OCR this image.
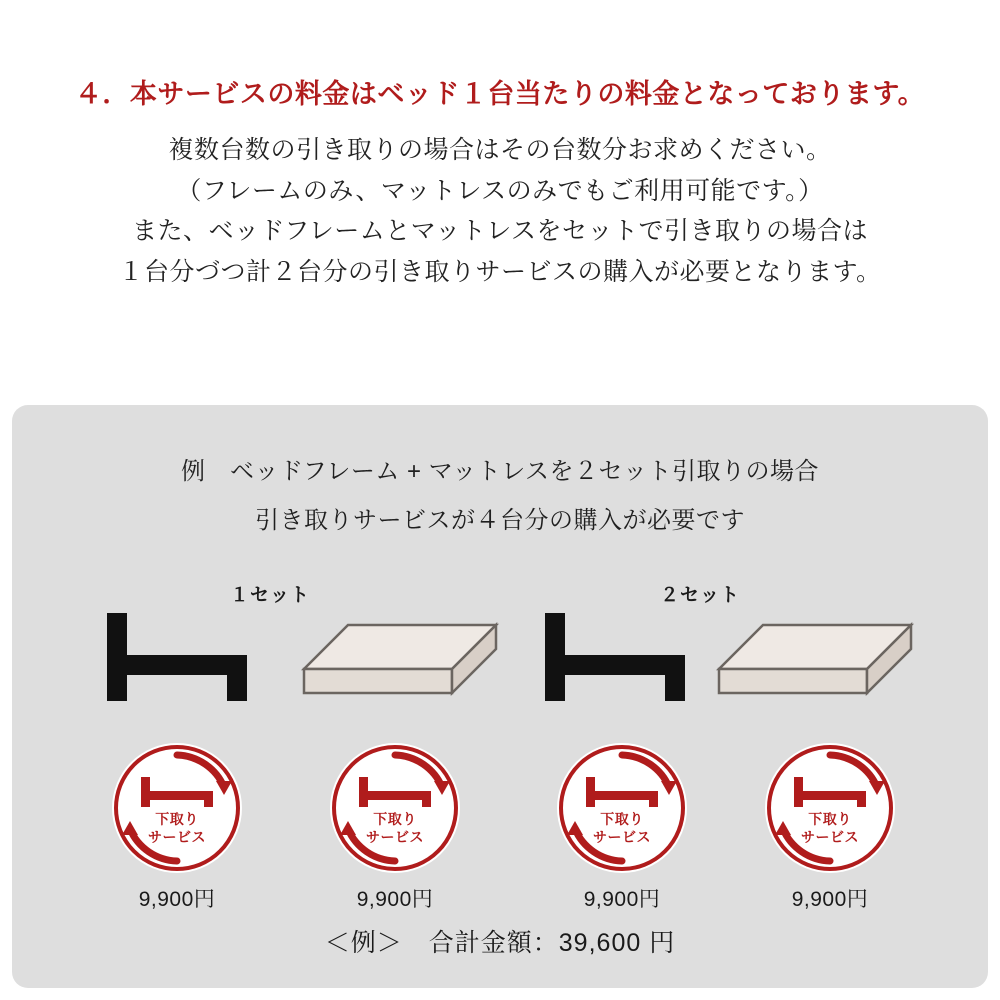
４．本サービスの料金はベッド１台当たりの料金となっております。

複数台数の引き取りの場合はその台数分お求めください。

（フレームのみ、マットレスのみでもご利用可能です。）

また、ベッドフレームとマットレスをセットで引き取りの場合は

１台分づつ計２台分の引き取りサービスの購入が必要となります。

例　ベッドフレーム + マットレスを２セット引取りの場合

引き取りサービスが４台分の購入が必要です

１セット	２セット
下取り
サービス
9,900円
下取り
サービス
9,900円
下取り
サービス
9,900円
下取り
サービス
9,900円
＜例＞　合計金額：39,600 円
